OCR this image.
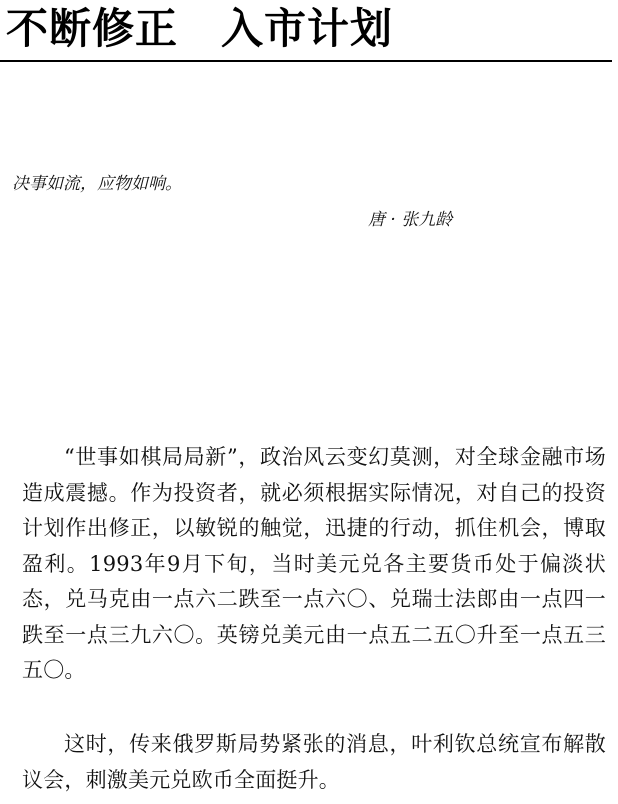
不断修正　入市计划

决事如流，应物如响。

唐 · 张九龄

“世事如棋局局新”，政治风云变幻莫测，对全球金融市场造成震撼。作为投资者，就必须根据实际情况，对自己的投资计划作出修正，以敏锐的触觉，迅捷的行动，抓住机会，博取盈利。1993年9月下旬，当时美元兑各主要货币处于偏淡状态，兑马克由一点六二跌至一点六〇、兑瑞士法郎由一点四一跌至一点三九六〇。英镑兑美元由一点五二五〇升至一点五三五〇。

这时，传来俄罗斯局势紧张的消息，叶利钦总统宣布解散议会，刺激美元兑欧币全面挺升。
